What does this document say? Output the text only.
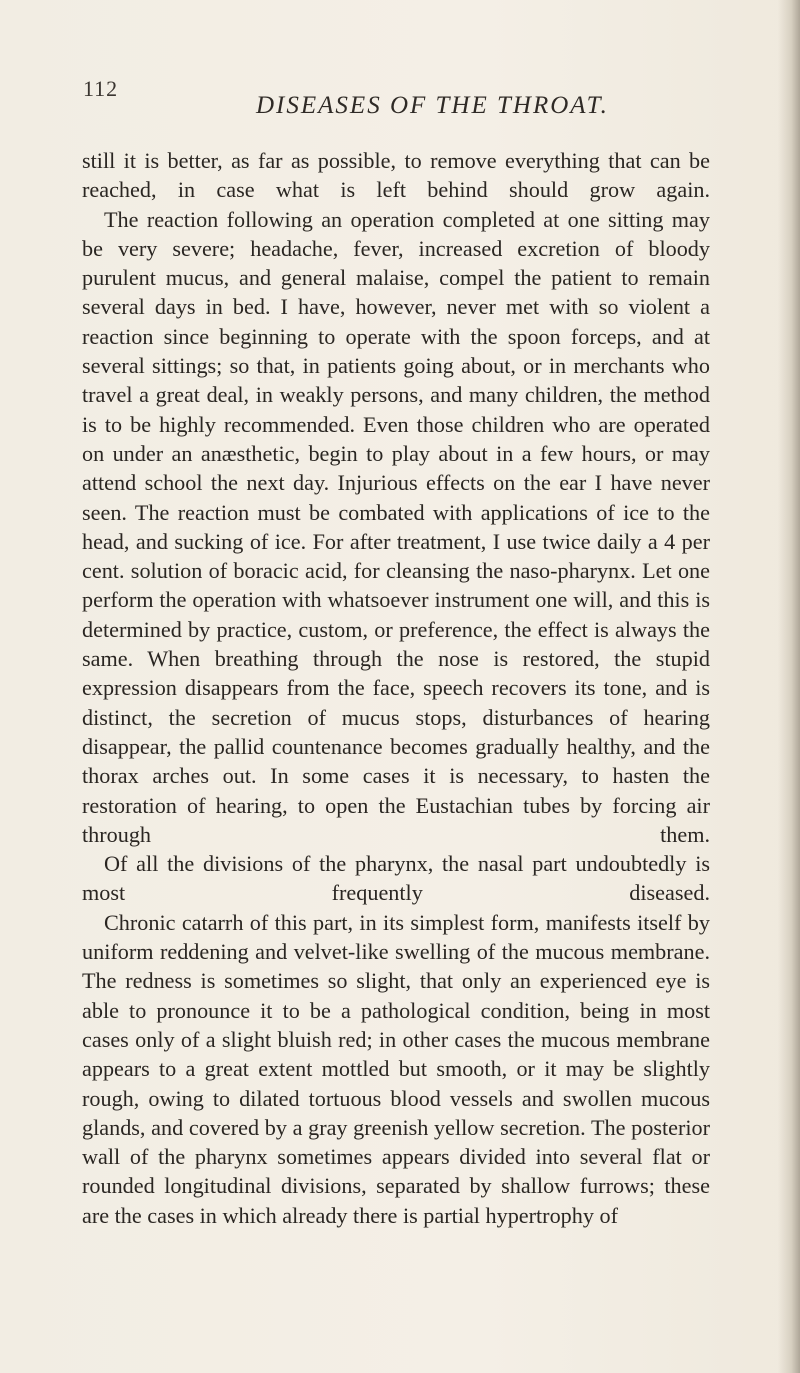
112
DISEASES OF THE THROAT.

still it is better, as far as possible, to remove everything that can be reached, in case what is left behind should grow again.

The reaction following an operation completed at one sitting may be very severe; headache, fever, increased excretion of bloody purulent mucus, and general malaise, compel the patient to remain several days in bed. I have, however, never met with so violent a reaction since beginning to operate with the spoon forceps, and at several sittings; so that, in patients going about, or in merchants who travel a great deal, in weakly persons, and many children, the method is to be highly recommended. Even those children who are operated on under an anæsthetic, begin to play about in a few hours, or may attend school the next day. Injurious effects on the ear I have never seen. The reaction must be combated with applications of ice to the head, and sucking of ice. For after treatment, I use twice daily a 4 per cent. solution of boracic acid, for cleansing the naso-pharynx. Let one perform the operation with whatsoever instrument one will, and this is determined by practice, custom, or preference, the effect is always the same. When breathing through the nose is restored, the stupid expression disappears from the face, speech recovers its tone, and is distinct, the secretion of mucus stops, disturbances of hearing disappear, the pallid countenance becomes gradually healthy, and the thorax arches out. In some cases it is necessary, to hasten the restoration of hearing, to open the Eustachian tubes by forcing air through them.

Of all the divisions of the pharynx, the nasal part undoubtedly is most frequently diseased.

Chronic catarrh of this part, in its simplest form, manifests itself by uniform reddening and velvet-like swelling of the mucous membrane. The redness is sometimes so slight, that only an experienced eye is able to pronounce it to be a pathological condition, being in most cases only of a slight bluish red; in other cases the mucous membrane appears to a great extent mottled but smooth, or it may be slightly rough, owing to dilated tortuous blood vessels and swollen mucous glands, and covered by a gray greenish yellow secretion. The posterior wall of the pharynx sometimes appears divided into several flat or rounded longitudinal divisions, separated by shallow furrows; these are the cases in which already there is partial hypertrophy of
